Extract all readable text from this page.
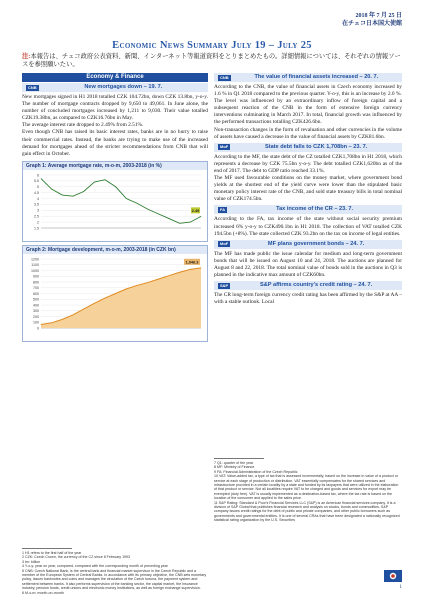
2018 年 7 月 25 日
在チェコ日本国大使館
Economic News Summary July 19 – July 25
注:本報告は、チェコ政府公表資料、新聞、インターネット等報道資料をとりまとめたもの。詳細情報については、それぞれの情報ソースを参照願いたい。
Economy & Finance
CNB	New mortgages down – 19. 7.

New mortgages signed in H1 2018 totalled CZK 104.72bn, down CZK 13.8bn, y-o-y. The number of mortgage contracts dropped by 9,650 to 49,061. In June alone, the number of concluded mortgages increased by 1,211 to 9,030. Their value totalled CZK19.38bn, as compared to CZK16.76bn in May.

The average interest rate dropped to 2.49% from 2.51%.

Even though CNB has raised its basic interest rates, banks are in no hurry to raise their commercial rates. Instead, the banks are trying to make use of the increased demand for mortgages ahead of the stricter recommendations from CNB that will gain effect in October.

Graph 1: Average mortgage rate, m-o-m, 2003-2018 (in %)
1.5
2
2.5
3
3.5
4
4.5
5
5.5
6
2.49
Graph 2: Mortgage development, m-o-m, 2003-2018 (in CZK bn)
0
100
200
300
400
500
600
700
800
900
1000
1100
1200
1,046.3
1 H1 refers to the first half of the year
2 CZK: Czech Crown, the currency of the CZ since 8 February 1993
3 bn: billion
4 Y-o-y: year on year, compared, compared with the corresponding month of preceding year
5 CNB: Czech National Bank, is the central bank and financial market supervisor in the Czech Republic and a member of the European System of Central Banks. In accordance with its primary objective, the CNB sets monetary policy, issues banknotes and coins and manages the circulation of the Czech koruna, the payment system and settlement between banks. It also performs supervision of the banking sector, the capital market, the insurance industry, pension funds, credit unions and electronic money institutions, as well as foreign exchange supervision.
6 M-o-m: month-on-month
CNB	The value of financial assets increased – 20. 7.

According to the CNB, the value of financial assets in Czech economy increased by 1.6 % in Q1 2018 compared to the previous quarter. Y-o-y, this is an increase by 2.0 %.

The level was influenced by an extraordinary inflow of foreign capital and a subsequent reaction of the CNB in the form of extensive foreign currency interventions culminating in March 2017. In total, financial growth was influenced by the performed transactions totalling CZK426.6bn.

Non-transaction changes in the form of revaluation and other currencies in the volume of assets have caused a decrease in the value of financial assets by CZK81.6bn.

MoF	State debt falls to CZK 1,708bn – 23. 7.

According to the MF, the state debt of the CZ totalled CZK1,708bn in H1 2018, which represents a decrease by CZK 75.5bn y-o-y. The debt totalled CZK1,620bn as of the end of 2017. The debt to GDP ratio reached 33.1%.

The MF used favourable conditions on the money market, where government bond yields at the shortest end of the yield curve were lower than the stipulated basic monetary policy interest rate of the CNB, and sold state treasury bills in total nominal value of CZK174.5bn.

FA	Tax income of the CR – 23. 7.

According to the FA, tax income of the state without social security premium increased 6% y-o-y to CZK490.1bn in H1 2018. The collection of VAT totalled CZK 194.5bn (+8%). The state collected CZK 93.2bn on the tax on income of legal entities.

MoF	MF plans government bonds – 24. 7.

The MF has made public the issue calendar for medium and long-term government bonds that will be issued on August 10 and 24, 2018. The auctions are planned for August 8 and 22, 2018. The total nominal value of bonds sold in the auctions in Q3 is planned in the indicative max amount of CZK60bn.

S&P	S&P affirms country's credit rating – 24. 7.

The CR long-term foreign currency credit rating has been affirmed by the S&P at AA – with a stable outlook. Local

7 Q1: quarter of the year
8 MF: Ministry of Finance
9 FA: Financial Administration of the Czech Republic
10 VAT: Value-added tax, a type of tax that is assessed incrementally, based on the increase in value of a product or service at each stage of production or distribution. VAT essentially compensates for the shared services and infrastructure provided in a certain locality by a state and funded by its taxpayers that were utilized in the elaboration of that product or service. Not all localities require VAT to be charged and goods and services for export may be exempted (duty free). VAT is usually implemented as a destination-based tax, where the tax rate is based on the location of the consumer and applied to the sales price.
11 S&P Rating: Standard & Poor's Financial Services LLC (S&P) is an American financial services company. It is a division of S&P Global that publishes financial research and analysis on stocks, bonds and commodities. S&P company issues credit ratings for the debt of public and private companies, and other public borrowers such as governments and governmental entities. It is one of several CRAs that have been designated a nationally recognized statistical rating organization by the U.S. Securities
1
